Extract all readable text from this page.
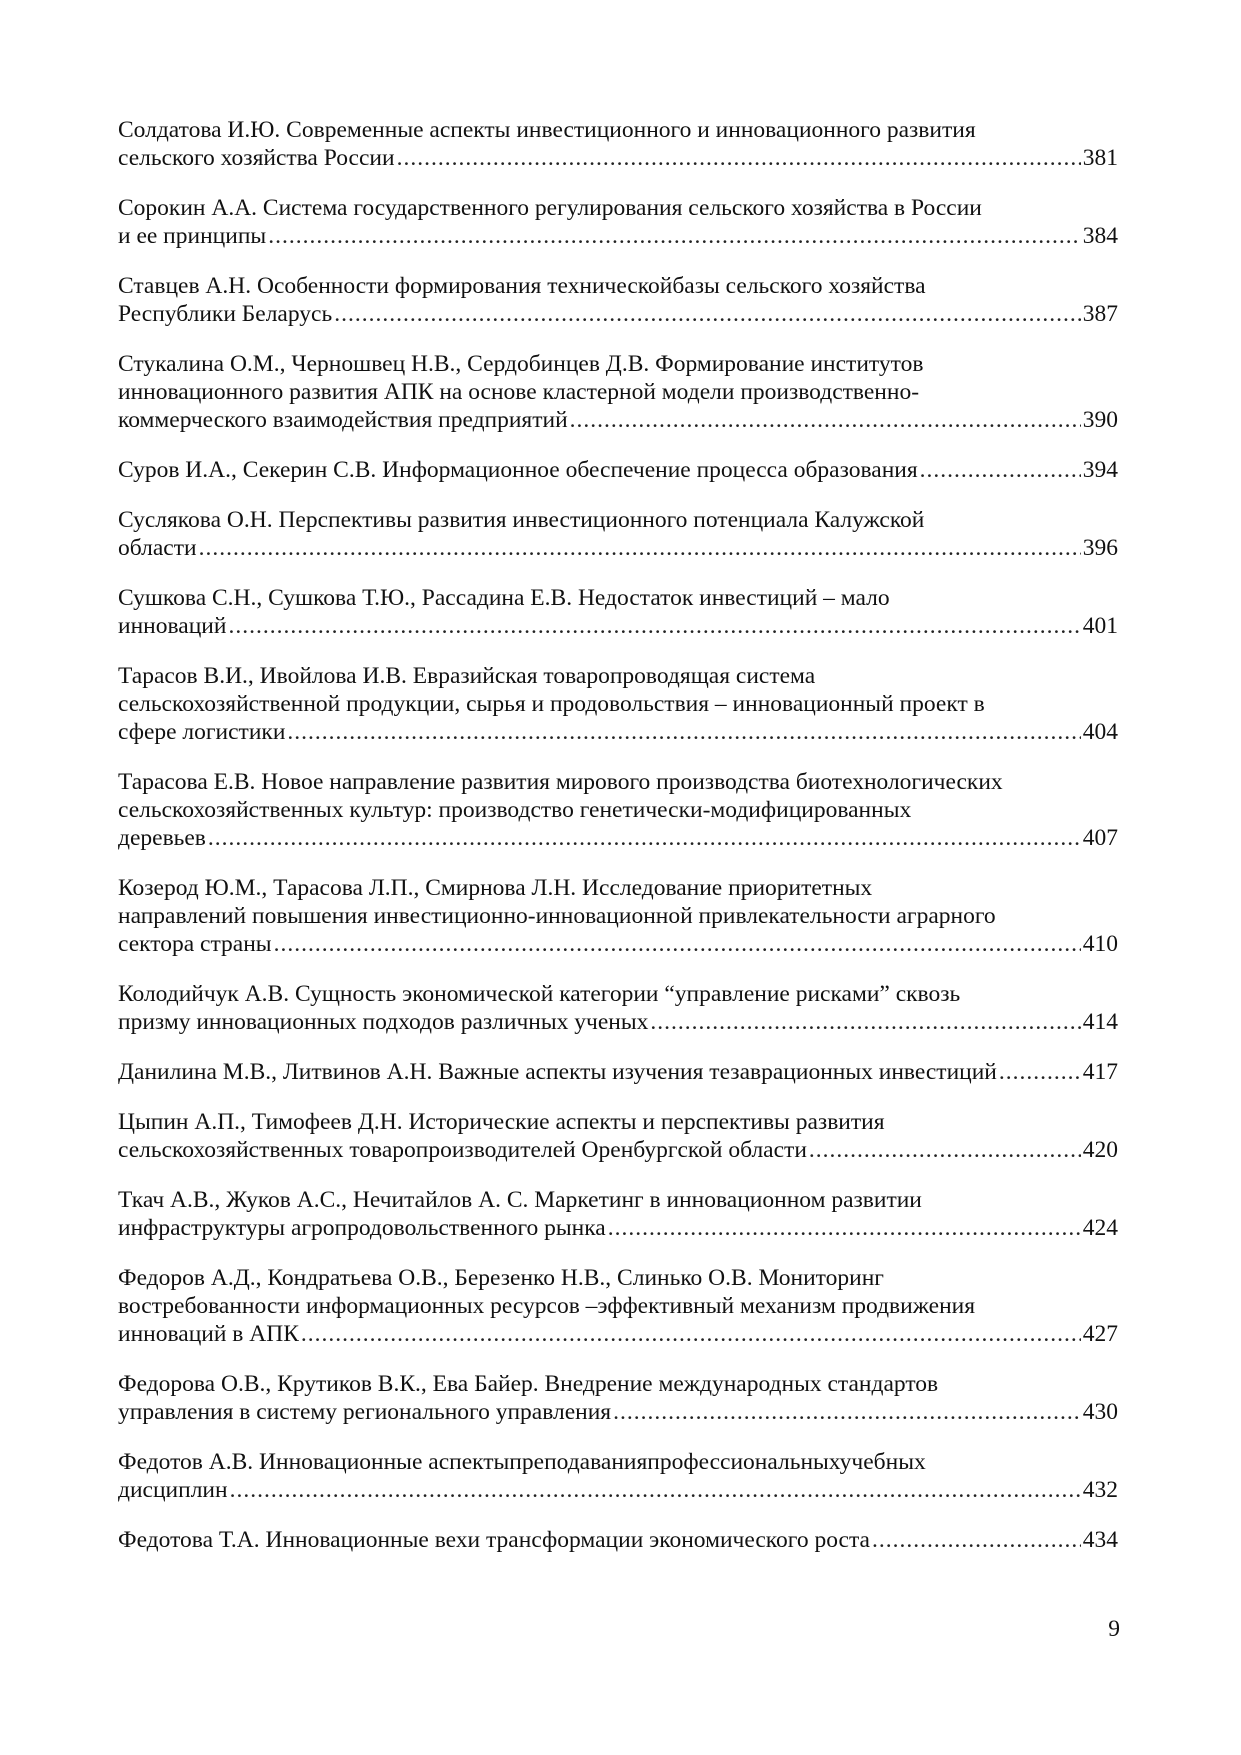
Солдатова И.Ю. Современные аспекты инвестиционного и инновационного развития
сельского хозяйства России .....	381
Сорокин А.А. Система государственного регулирования сельского хозяйства в России
и ее принципы .....	384
Ставцев А.Н. Особенности формирования техническойбазы сельского хозяйства
Республики Беларусь .....	387
Стукалина О.М., Черношвец Н.В., Сердобинцев Д.В. Формирование институтов
инновационного развития АПК на основе кластерной модели производственно-
коммерческого взаимодействия предприятий .....	390
Суров И.А., Секерин С.В. Информационное обеспечение процесса образования .....	394
Суслякова О.Н. Перспективы развития инвестиционного потенциала Калужской
области .....	396
Сушкова С.Н., Сушкова Т.Ю., Рассадина Е.В. Недостаток инвестиций – мало
инноваций .....	401
Тарасов В.И., Ивойлова И.В. Евразийская товаропроводящая система
сельскохозяйственной продукции, сырья и продовольствия – инновационный проект в
сфере логистики .....	404
Тарасова Е.В. Новое направление развития мирового производства биотехнологических
сельскохозяйственных культур: производство генетически-модифицированных
деревьев .....	407
Козерод Ю.М., Тарасова Л.П., Смирнова Л.Н. Исследование приоритетных
направлений повышения инвестиционно-инновационной привлекательности аграрного
сектора страны .....	410
Колодийчук А.В. Сущность экономической категории “управление рисками” сквозь
призму инновационных подходов различных ученых .....	414
Данилина М.В., Литвинов А.Н. Важные аспекты изучения тезаврационных инвестиций .....	417
Цыпин А.П., Тимофеев Д.Н. Исторические аспекты и перспективы развития
сельскохозяйственных товаропроизводителей Оренбургской области .....	420
Ткач А.В., Жуков А.С., Нечитайлов А. С. Маркетинг в инновационном развитии
инфраструктуры агропродовольственного рынка .....	424
Федоров А.Д., Кондратьева О.В., Березенко Н.В., Слинько О.В. Мониторинг
востребованности информационных ресурсов –эффективный механизм продвижения
инноваций в АПК .....	427
Федорова О.В., Крутиков В.К., Ева Байер. Внедрение международных стандартов
управления в систему регионального управления .....	430
Федотов А.В. Инновационные аспектыпреподаванияпрофессиональныхучебных
дисциплин .....	432
Федотова Т.А. Инновационные вехи трансформации экономического роста .....	434
9
